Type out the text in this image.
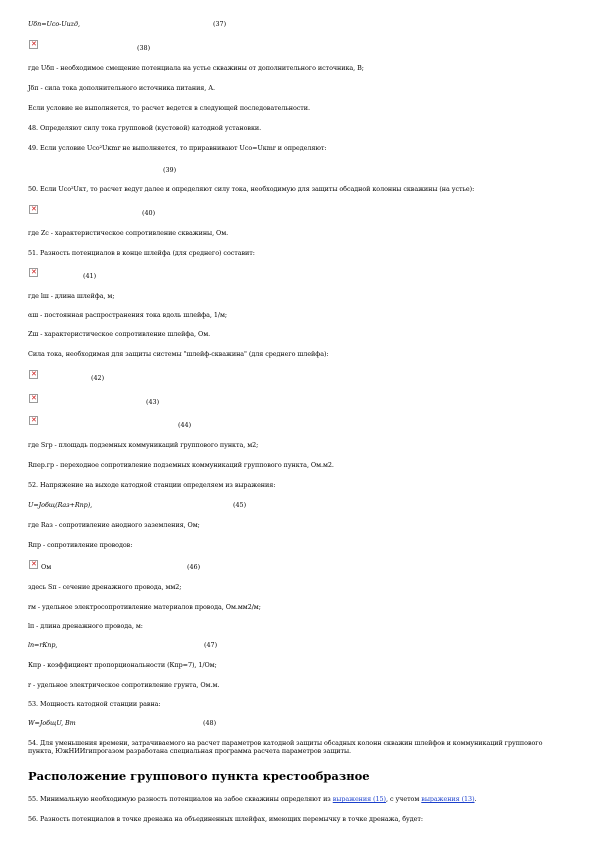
Uδп=Uсо-Uиzд,	(37)
✕
(38)
где Uδп - необходимое смещение потенциала на устье скважины от дополнительного источника, В;
Jδп - сила тока дополнительного источника питания, А.
Если условие не выполняется, то расчет ведется в следующей последовательности.
48. Определяют силу тока групповой (кустовой) катодной установки.
49. Если условие Uco²Uкmr не выполняется, то приравнивают Uco=Uкmr и определяют:
(39)
50. Если Uco²Uкт, то расчет ведут далее и определяют силу тока, необходимую для защиты обсадной колонны скважины (на устье):
✕
(40)
где Zc - характеристическое сопротивление скважины, Ом.
51. Разность потенциалов в конце шлейфа (для среднего) составит:
✕
(41)
где lш - длина шлейфа, м;
αш - постоянная распространения тока вдоль шлейфа, 1/м;
Zш - характеристическое сопротивление шлейфа, Ом.
Сила тока, необходимая для защиты системы "шлейф-скважина" (для среднего шлейфа):
✕
(42)
✕
(43)
✕
(44)
где Sгр - площадь подземных коммуникаций группового пункта, м2;
Rпер.гр - переходное сопротивление подземных коммуникаций группового пункта, Ом.м2.
52. Напряжение на выходе катодной станции определяем из выражения:
U=Jобщ(Rаз+Rпр),	(45)
где Rаз - сопротивление анодного заземления, Ом;
Rпр - сопротивление проводов:
✕
Ом	(46)
здесь Sп - сечение дренажного провода, мм2;
rм - удельное электросопротивление материалов провода, Ом.мм2/м;
lп - длина дренажного провода, м:
lп=rКпр,	(47)
Кпр - коэффициент пропорциональности (Кпр=7), 1/Ом;
r - удельное электрическое сопротивление грунта, Ом.м.
53. Мощность катодной станции равна:
W=JобщU, Вт	(48)
54. Для уменьшения времени, затрачиваемого на расчет параметров катодной защиты обсадных колонн скважин шлейфов и коммуникаций группового пункта, ЮжНИИгипрогазом разработана специальная программа расчета параметров защиты.
Расположение группового пункта крестообразное
55. Минимальную необходимую разность потенциалов на забое скважины определяют из выражения (15), с учетом выражения (13).
56. Разность потенциалов в точке дренажа на объединенных шлейфах, имеющих перемычку в точке дренажа, будет:
